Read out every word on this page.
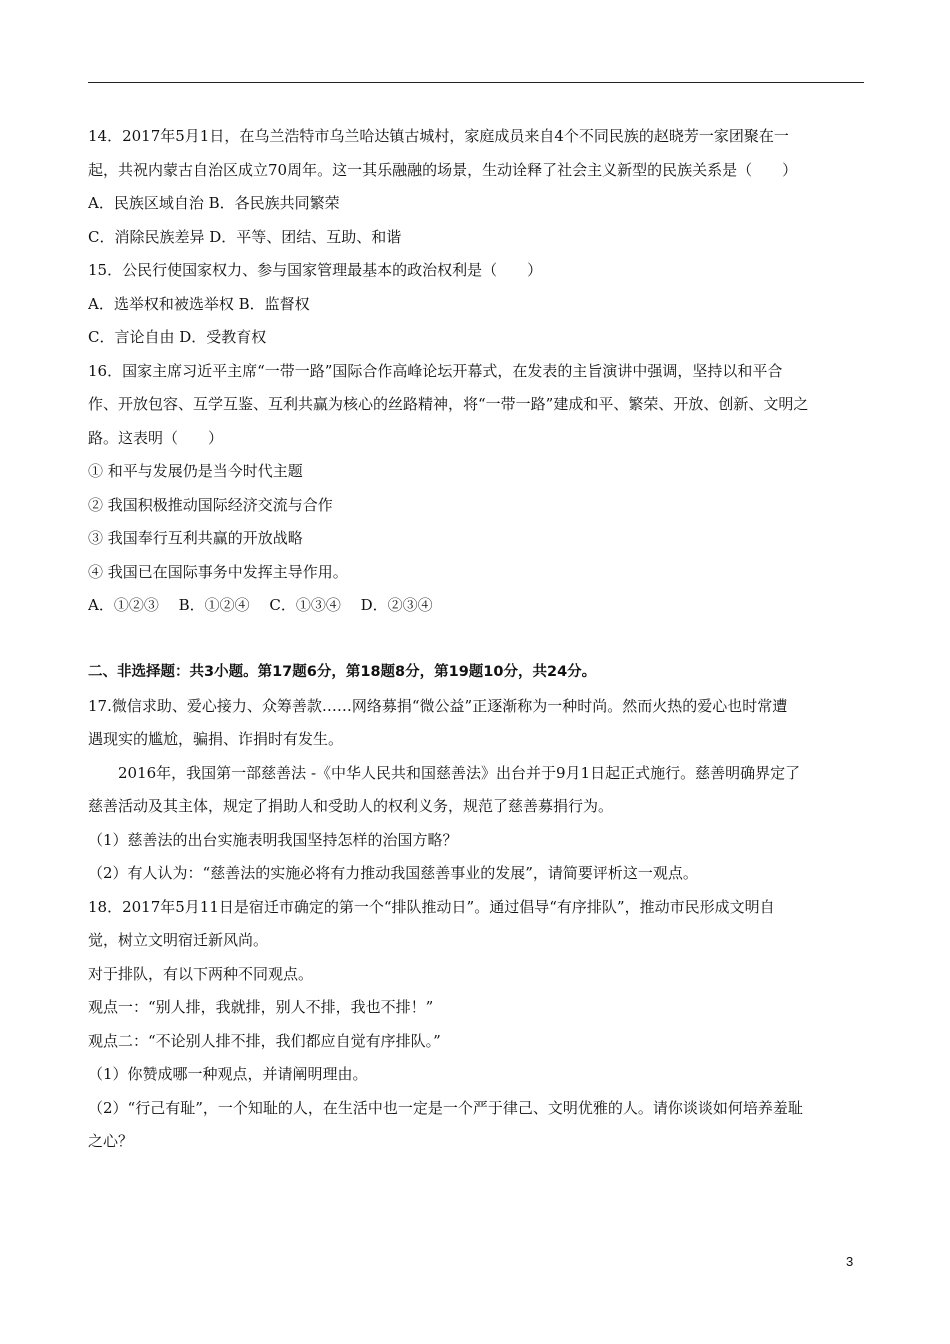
14．2017年5月1日，在乌兰浩特市乌兰哈达镇古城村，家庭成员来自4个不同民族的赵晓芳一家团聚在一
起，共祝内蒙古自治区成立70周年。这一其乐融融的场景，生动诠释了社会主义新型的民族关系是（　　）
A．民族区域自治 B．各民族共同繁荣
C．消除民族差异 D．平等、团结、互助、和谐
15．公民行使国家权力、参与国家管理最基本的政治权利是（　　）
A．选举权和被选举权 B．监督权
C．言论自由 D．受教育权
16．国家主席习近平主席“一带一路”国际合作高峰论坛开幕式，在发表的主旨演讲中强调，坚持以和平合
作、开放包容、互学互鉴、互利共赢为核心的丝路精神，将“一带一路”建成和平、繁荣、开放、创新、文明之
路。这表明（　　）
① 和平与发展仍是当今时代主题
② 我国积极推动国际经济交流与合作
③ 我国奉行互利共赢的开放战略
④ 我国已在国际事务中发挥主导作用。
A．①②③　 B．①②④　 C．①③④　 D．②③④
二、非选择题：共3小题。第17题6分，第18题8分，第19题10分，共24分。
17.微信求助、爱心接力、众筹善款……网络募捐“微公益”正逐渐称为一种时尚。然而火热的爱心也时常遭
遇现实的尴尬，骗捐、诈捐时有发生。
2016年，我国第一部慈善法 -《中华人民共和国慈善法》出台并于9月1日起正式施行。慈善明确界定了
慈善活动及其主体，规定了捐助人和受助人的权利义务，规范了慈善募捐行为。
（1）慈善法的出台实施表明我国坚持怎样的治国方略？
（2）有人认为：“慈善法的实施必将有力推动我国慈善事业的发展”，请简要评析这一观点。
18．2017年5月11日是宿迁市确定的第一个“排队推动日”。通过倡导“有序排队”，推动市民形成文明自
觉，树立文明宿迁新风尚。
对于排队，有以下两种不同观点。
观点一：“别人排，我就排，别人不排，我也不排！”
观点二：“不论别人排不排，我们都应自觉有序排队。”
（1）你赞成哪一种观点，并请阐明理由。
（2）“行己有耻”，一个知耻的人，在生活中也一定是一个严于律己、文明优雅的人。请你谈谈如何培养羞耻
之心？
3
